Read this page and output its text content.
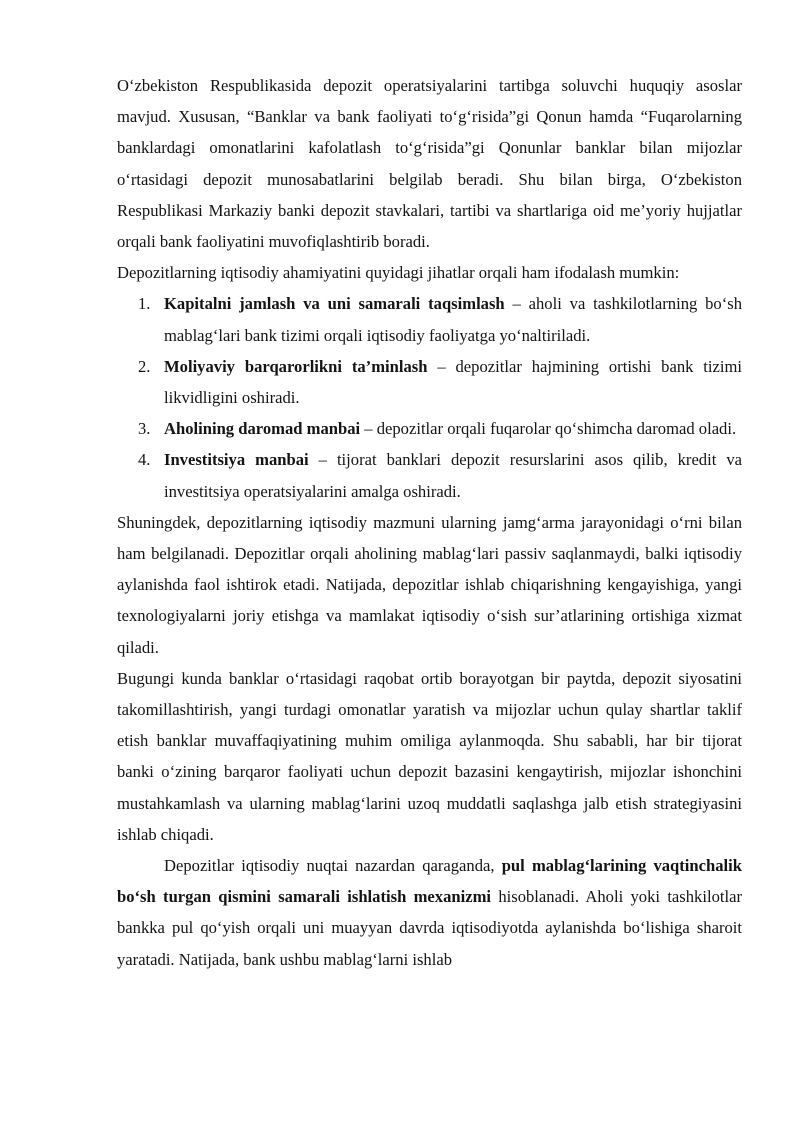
O‘zbekiston Respublikasida depozit operatsiyalarini tartibga soluvchi huquqiy asoslar mavjud. Xususan, “Banklar va bank faoliyati to‘g‘risida”gi Qonun hamda “Fuqarolarning banklardagi omonatlarini kafolatlash to‘g‘risida”gi Qonunlar banklar bilan mijozlar o‘rtasidagi depozit munosabatlarini belgilab beradi. Shu bilan birga, O‘zbekiston Respublikasi Markaziy banki depozit stavkalari, tartibi va shartlariga oid me’yoriy hujjatlar orqali bank faoliyatini muvofiqlashtirib boradi.

Depozitlarning iqtisodiy ahamiyatini quyidagi jihatlar orqali ham ifodalash mumkin:

1. Kapitalni jamlash va uni samarali taqsimlash – aholi va tashkilotlarning bo‘sh mablag‘lari bank tizimi orqali iqtisodiy faoliyatga yo‘naltiriladi.
2. Moliyaviy barqarorlikni ta’minlash – depozitlar hajmining ortishi bank tizimi likvidligini oshiradi.
3. Aholining daromad manbai – depozitlar orqali fuqarolar qo‘shimcha daromad oladi.
4. Investitsiya manbai – tijorat banklari depozit resurslarini asos qilib, kredit va investitsiya operatsiyalarini amalga oshiradi.

Shuningdek, depozitlarning iqtisodiy mazmuni ularning jamg‘arma jarayonidagi o‘rni bilan ham belgilanadi. Depozitlar orqali aholining mablag‘lari passiv saqlanmaydi, balki iqtisodiy aylanishda faol ishtirok etadi. Natijada, depozitlar ishlab chiqarishning kengayishiga, yangi texnologiyalarni joriy etishga va mamlakat iqtisodiy o‘sish sur’atlarining ortishiga xizmat qiladi.

Bugungi kunda banklar o‘rtasidagi raqobat ortib borayotgan bir paytda, depozit siyosatini takomillashtirish, yangi turdagi omonatlar yaratish va mijozlar uchun qulay shartlar taklif etish banklar muvaffaqiyatining muhim omiliga aylanmoqda. Shu sababli, har bir tijorat banki o‘zining barqaror faoliyati uchun depozit bazasini kengaytirish, mijozlar ishonchini mustahkamlash va ularning mablag‘larini uzoq muddatli saqlashga jalb etish strategiyasini ishlab chiqadi.

Depozitlar iqtisodiy nuqtai nazardan qaraganda, pul mablag‘larining vaqtinchalik bo‘sh turgan qismini samarali ishlatish mexanizmi hisoblanadi. Aholi yoki tashkilotlar bankka pul qo‘yish orqali uni muayyan davrda iqtisodiyotda aylanishda bo‘lishiga sharoit yaratadi. Natijada, bank ushbu mablag‘larni ishlab
